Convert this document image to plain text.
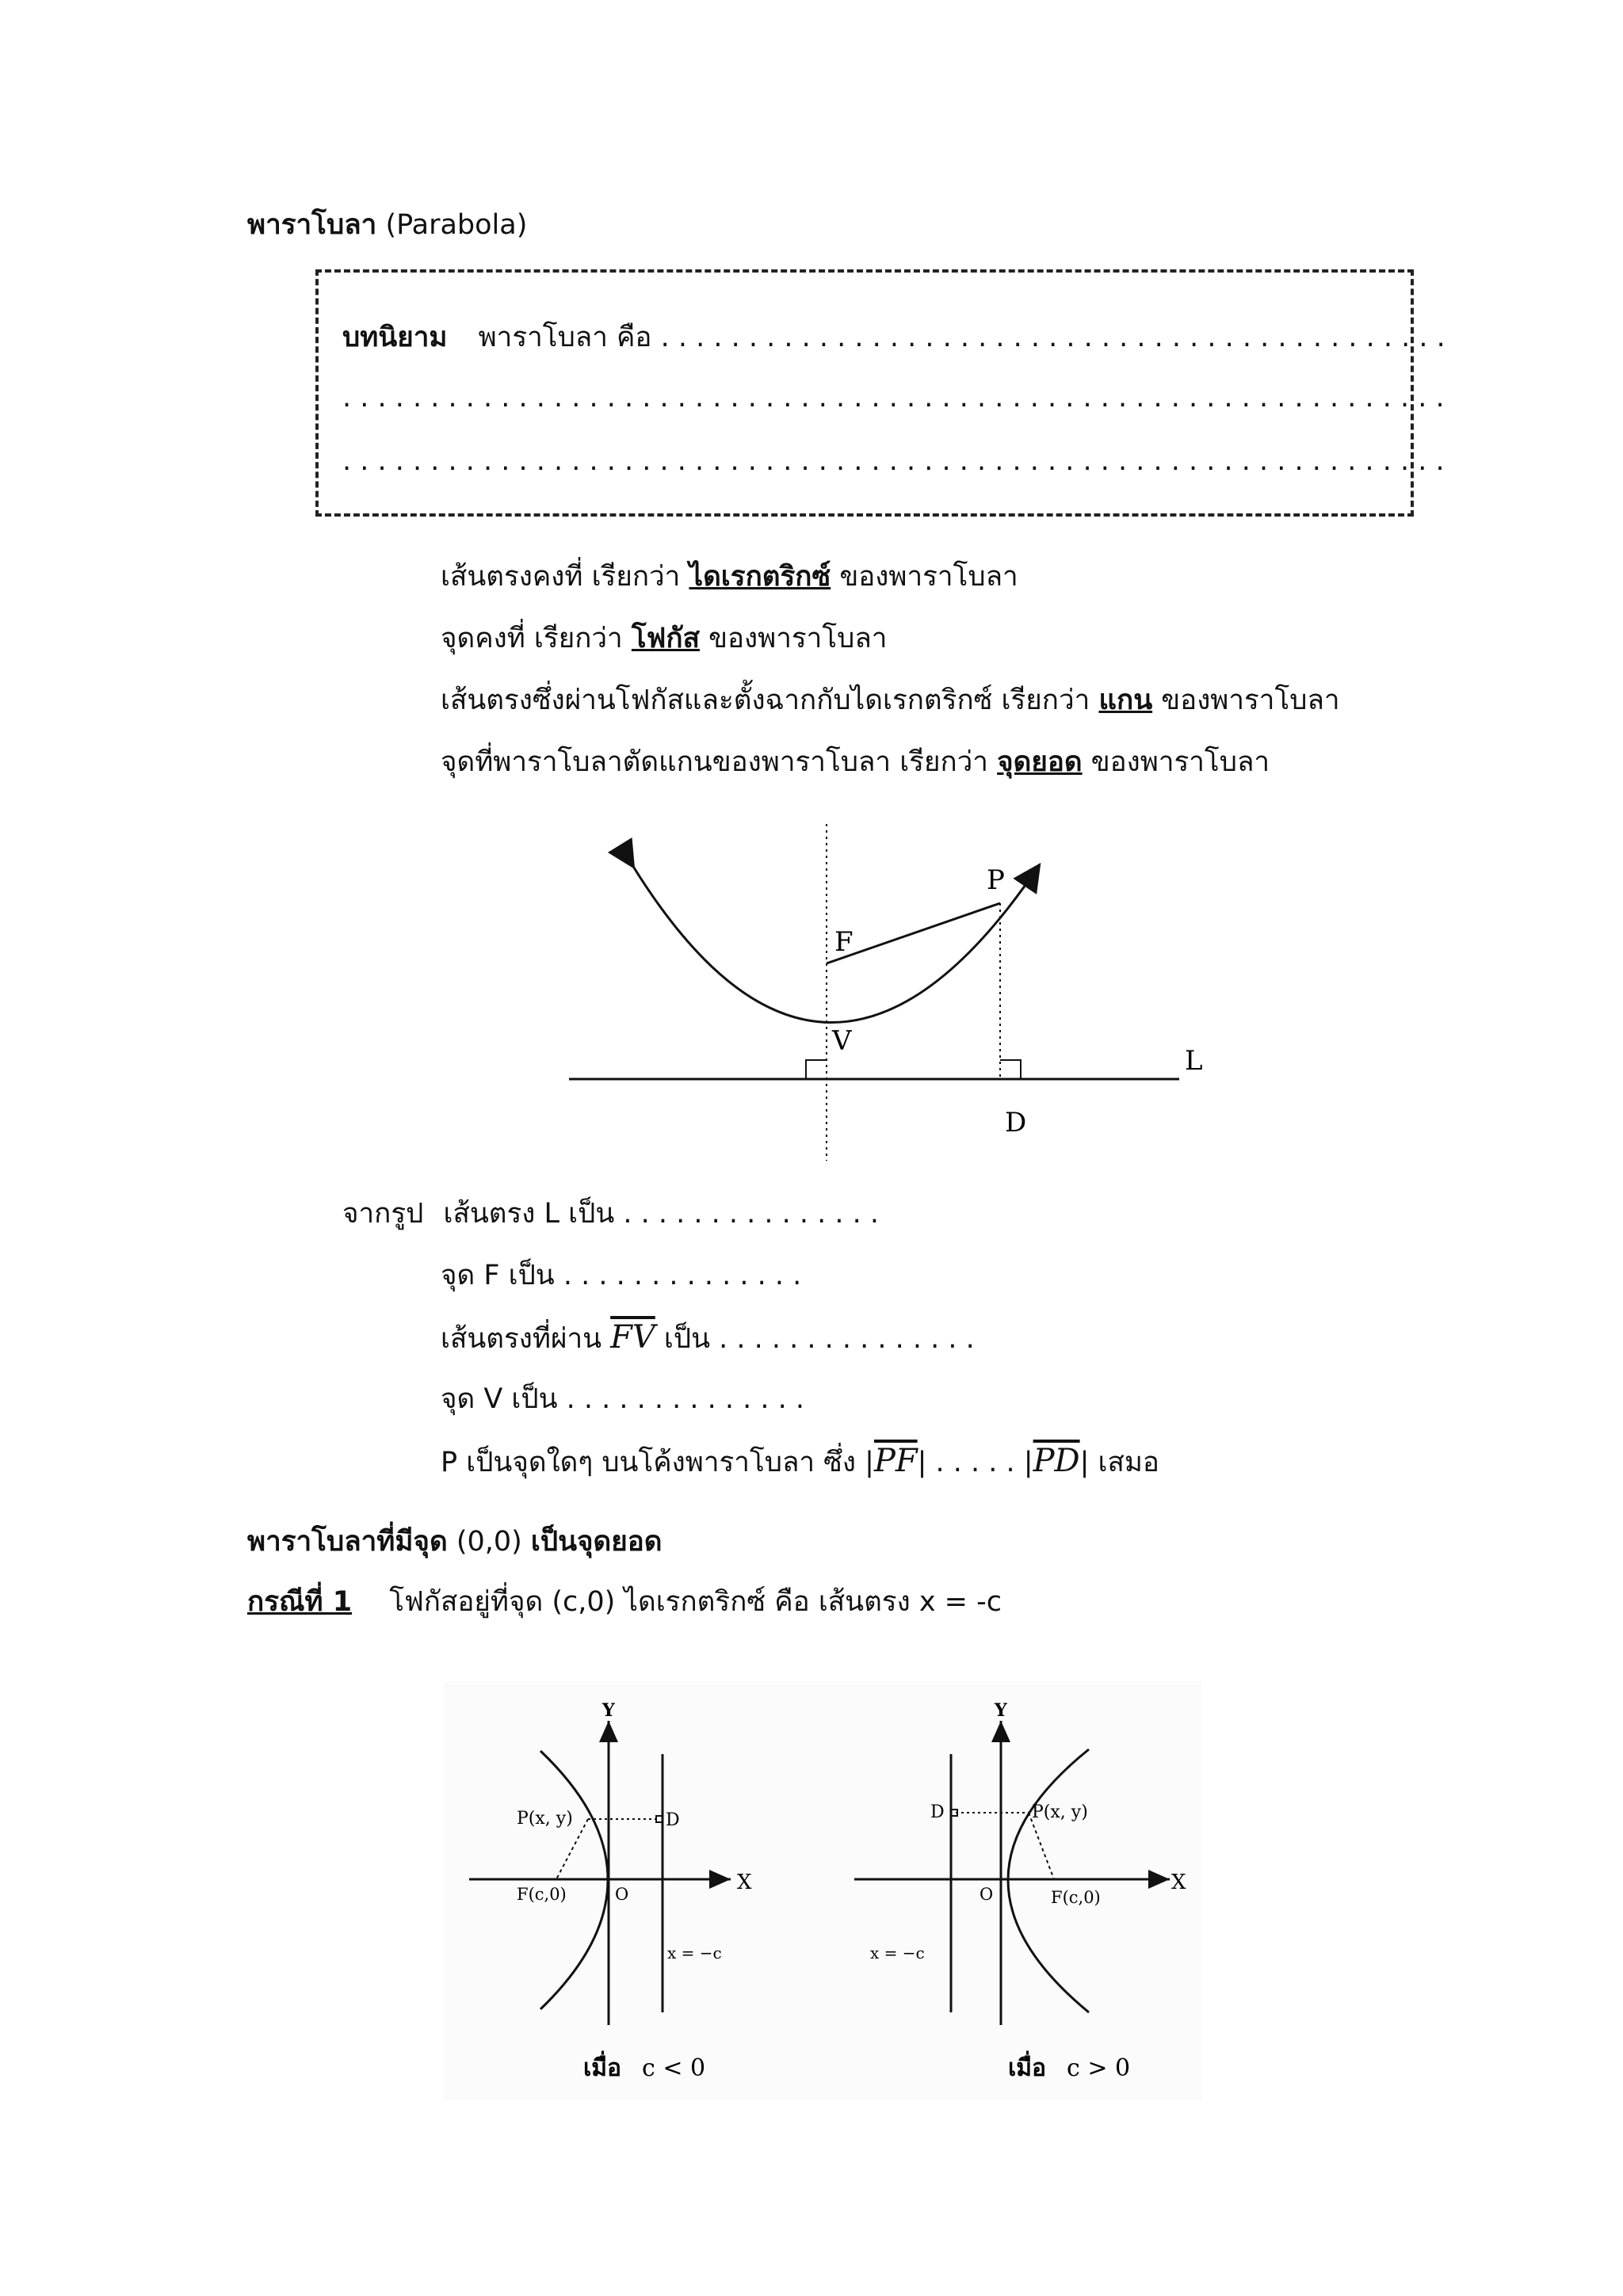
พาราโบลา (Parabola)
บทนิยาม พาราโบลา คือ . . . . . . . . . . . . . . . . . . . . . . . . . . . . . . . . . . . . . . . . . . . . .
. . . . . . . . . . . . . . . . . . . . . . . . . . . . . . . . . . . . . . . . . . . . . . . . . . . . . . . . . . . . . . .
. . . . . . . . . . . . . . . . . . . . . . . . . . . . . . . . . . . . . . . . . . . . . . . . . . . . . . . . . . . . . . .
เส้นตรงคงที่ เรียกว่า ไดเรกตริกซ์ ของพาราโบลา
จุดคงที่ เรียกว่า โฟกัส ของพาราโบลา
เส้นตรงซึ่งผ่านโฟกัสและตั้งฉากกับไดเรกตริกซ์ เรียกว่า แกน ของพาราโบลา
จุดที่พาราโบลาตัดแกนของพาราโบลา เรียกว่า จุดยอด ของพาราโบลา
P
F
V
L
D
จากรูป เส้นตรง L เป็น . . . . . . . . . . . . . . .
จุด F เป็น . . . . . . . . . . . . . .
เส้นตรงที่ผ่าน $\overline{FV}$ เป็น . . . . . . . . . . . . . . .
จุด V เป็น . . . . . . . . . . . . . .
P เป็นจุดใดๆ บนโค้งพาราโบลา ซึ่ง $|\overline{PF}|$ . . . . . $|\overline{PD}|$ เสมอ
พาราโบลาที่มีจุด (0,0) เป็นจุดยอด
กรณีที่ 1 โฟกัสอยู่ที่จุด (c,0) ไดเรกตริกซ์ คือ เส้นตรง x = -c
Y
X
P(x, y)	D
F(c,0)	O
x = −c
เมื่อ c < 0
Y
X
P(x, y)
D
F(c,0)
O
x = −c
เมื่อ c > 0
